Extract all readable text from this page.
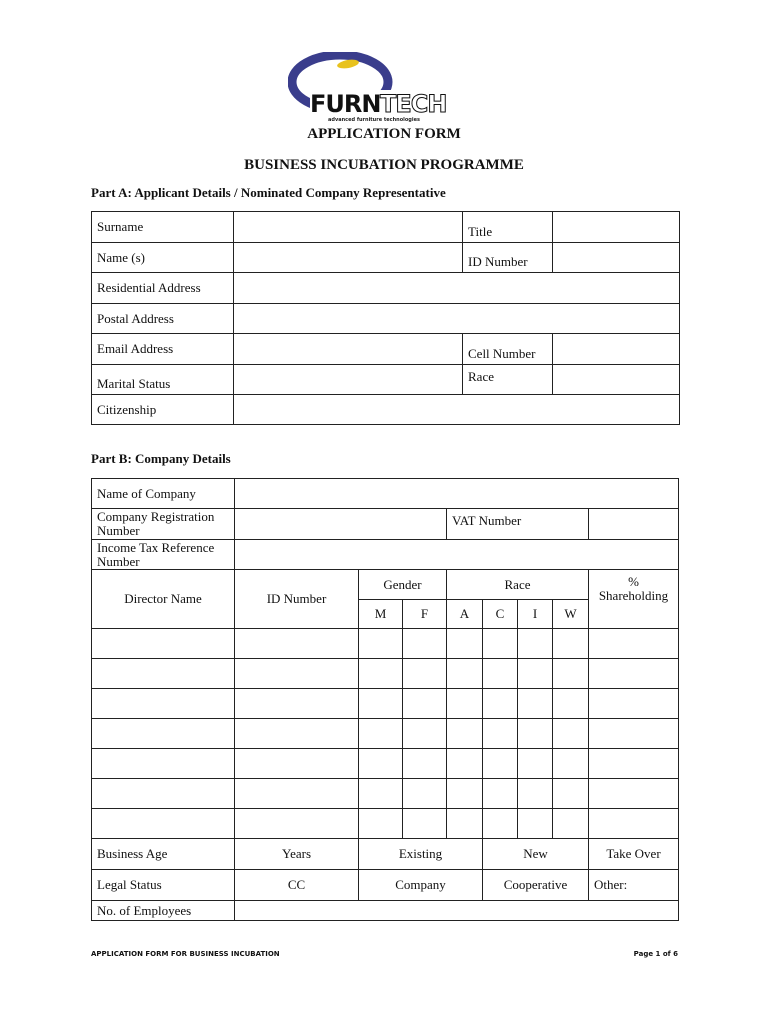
FURN TECH
advanced furniture technologies
APPLICATION FORM
BUSINESS INCUBATION PROGRAMME
Part A: Applicant Details / Nominated Company Representative
Surname		Title	
Name (s)		ID Number	
Residential Address			
Postal Address			
Email Address		Cell Number	
Marital Status		Race	
Citizenship			
Part B: Company Details
Name of Company								
Company Registration Number				VAT Number				
Income Tax Reference Number								
Director Name	ID Number	Gender		Race				% Shareholding
		M	F	A	C	I	W	

Business Age	Years	Existing			New			Take Over
Legal Status	CC	Company			Cooperative			Other:
No. of Employees								
APPLICATION FORM FOR BUSINESS INCUBATION	Page 1 of 6
